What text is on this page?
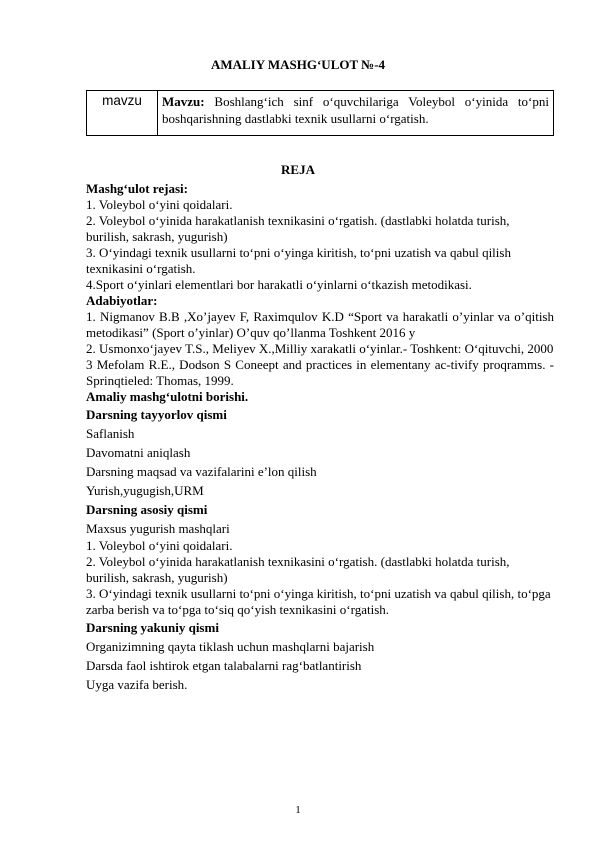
AMALIY MASHG‘ULOT №-4
mavzu	Mavzu: Boshlang‘ich sinf o‘quvchilariga Voleybol o‘yinida to‘pni boshqarishning dastlabki texnik usullarni o‘rgatish.
REJA
Mashg‘ulot rejasi:
1. Voleybol o‘yini qoidalari.
2. Voleybol o‘yinida harakatlanish texnikasini o‘rgatish. (dastlabki holatda turish, burilish, sakrash, yugurish)
3. O‘yindagi texnik usullarni to‘pni o‘yinga kiritish, to‘pni uzatish va qabul qilish texnikasini o‘rgatish.
4.Sport o‘yinlari elementlari bor harakatli o‘yinlarni o‘tkazish metodikasi.
Adabiyotlar:
1. Nigmanov B.B ,Xo’jayev F, Raximqulov K.D “Sport va harakatli o’yinlar va o’qitish metodikasi” (Sport o’yinlar) O’quv qo’llanma Toshkent 2016 y
2. Usmonxo‘jayev T.S., Meliyev X.,Milliy xarakatli o‘yinlar.- Toshkent: O‘qituvchi, 2000
3 Mefolam R.E., Dodson S Coneept and practices in elementany ac-tivify proqramms. - Sprinqtieled: Thomas, 1999.
Amaliy mashg‘ulotni borishi.
Darsning tayyorlov qismi
Saflanish
Davomatni aniqlash
Darsning maqsad va vazifalarini e’lon qilish
Yurish,yugugish,URM
Darsning asosiy qismi
Maxsus yugurish mashqlari
1. Voleybol o‘yini qoidalari.
2. Voleybol o‘yinida harakatlanish texnikasini o‘rgatish. (dastlabki holatda turish, burilish, sakrash, yugurish)
3. O‘yindagi texnik usullarni to‘pni o‘yinga kiritish, to‘pni uzatish va qabul qilish, to‘pga zarba berish va to‘pga to‘siq qo‘yish texnikasini o‘rgatish.
Darsning yakuniy qismi
Organizimning qayta tiklash uchun mashqlarni bajarish
Darsda faol ishtirok etgan talabalarni rag‘batlantirish
Uyga vazifa berish.
1
